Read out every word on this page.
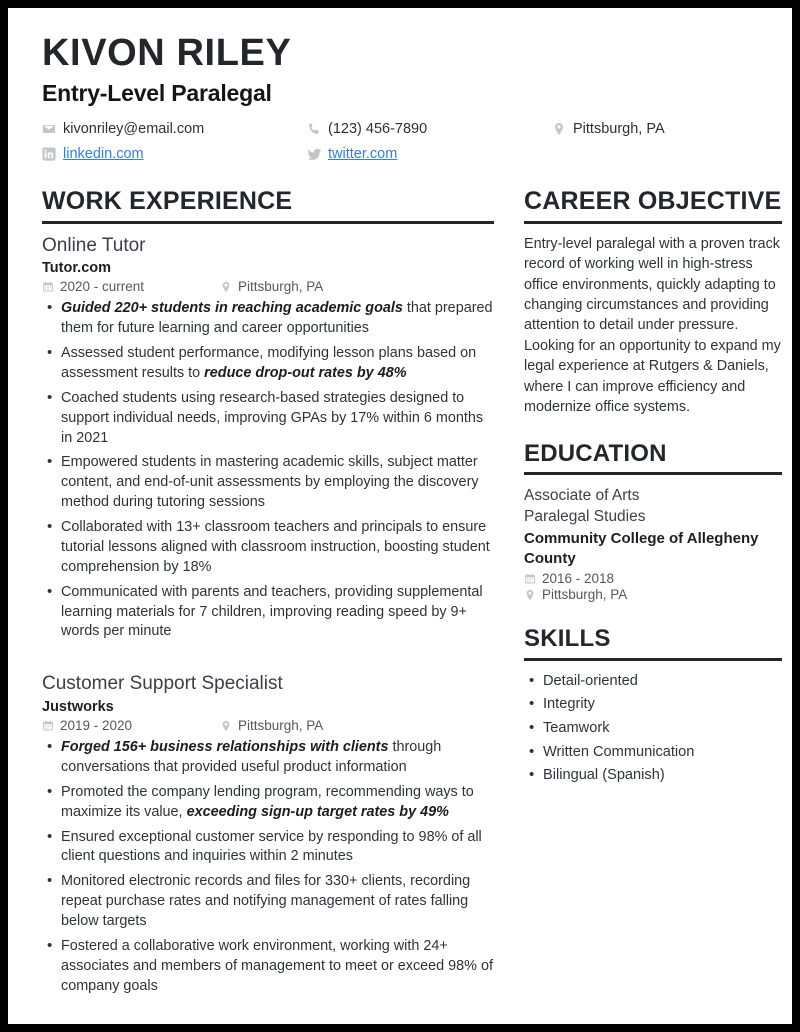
KIVON RILEY
Entry-Level Paralegal
kivonriley@email.com	(123) 456-7890	Pittsburgh, PA
linkedin.com	twitter.com
WORK EXPERIENCE
Online Tutor
Tutor.com
2020 - current	Pittsburgh, PA
• Guided 220+ students in reaching academic goals that prepared them for future learning and career opportunities
• Assessed student performance, modifying lesson plans based on assessment results to reduce drop-out rates by 48%
• Coached students using research-based strategies designed to support individual needs, improving GPAs by 17% within 6 months in 2021
• Empowered students in mastering academic skills, subject matter content, and end-of-unit assessments by employing the discovery method during tutoring sessions
• Collaborated with 13+ classroom teachers and principals to ensure tutorial lessons aligned with classroom instruction, boosting student comprehension by 18%
• Communicated with parents and teachers, providing supplemental learning materials for 7 children, improving reading speed by 9+ words per minute
Customer Support Specialist
Justworks
2019 - 2020	Pittsburgh, PA
• Forged 156+ business relationships with clients through conversations that provided useful product information
• Promoted the company lending program, recommending ways to maximize its value, exceeding sign-up target rates by 49%
• Ensured exceptional customer service by responding to 98% of all client questions and inquiries within 2 minutes
• Monitored electronic records and files for 330+ clients, recording repeat purchase rates and notifying management of rates falling below targets
• Fostered a collaborative work environment, working with 24+ associates and members of management to meet or exceed 98% of company goals
CAREER OBJECTIVE
Entry-level paralegal with a proven track record of working well in high-stress office environments, quickly adapting to changing circumstances and providing attention to detail under pressure. Looking for an opportunity to expand my legal experience at Rutgers & Daniels, where I can improve efficiency and modernize office systems.
EDUCATION
Associate of Arts
Paralegal Studies
Community College of Allegheny County
2016 - 2018
Pittsburgh, PA
SKILLS
• Detail-oriented
• Integrity
• Teamwork
• Written Communication
• Bilingual (Spanish)
